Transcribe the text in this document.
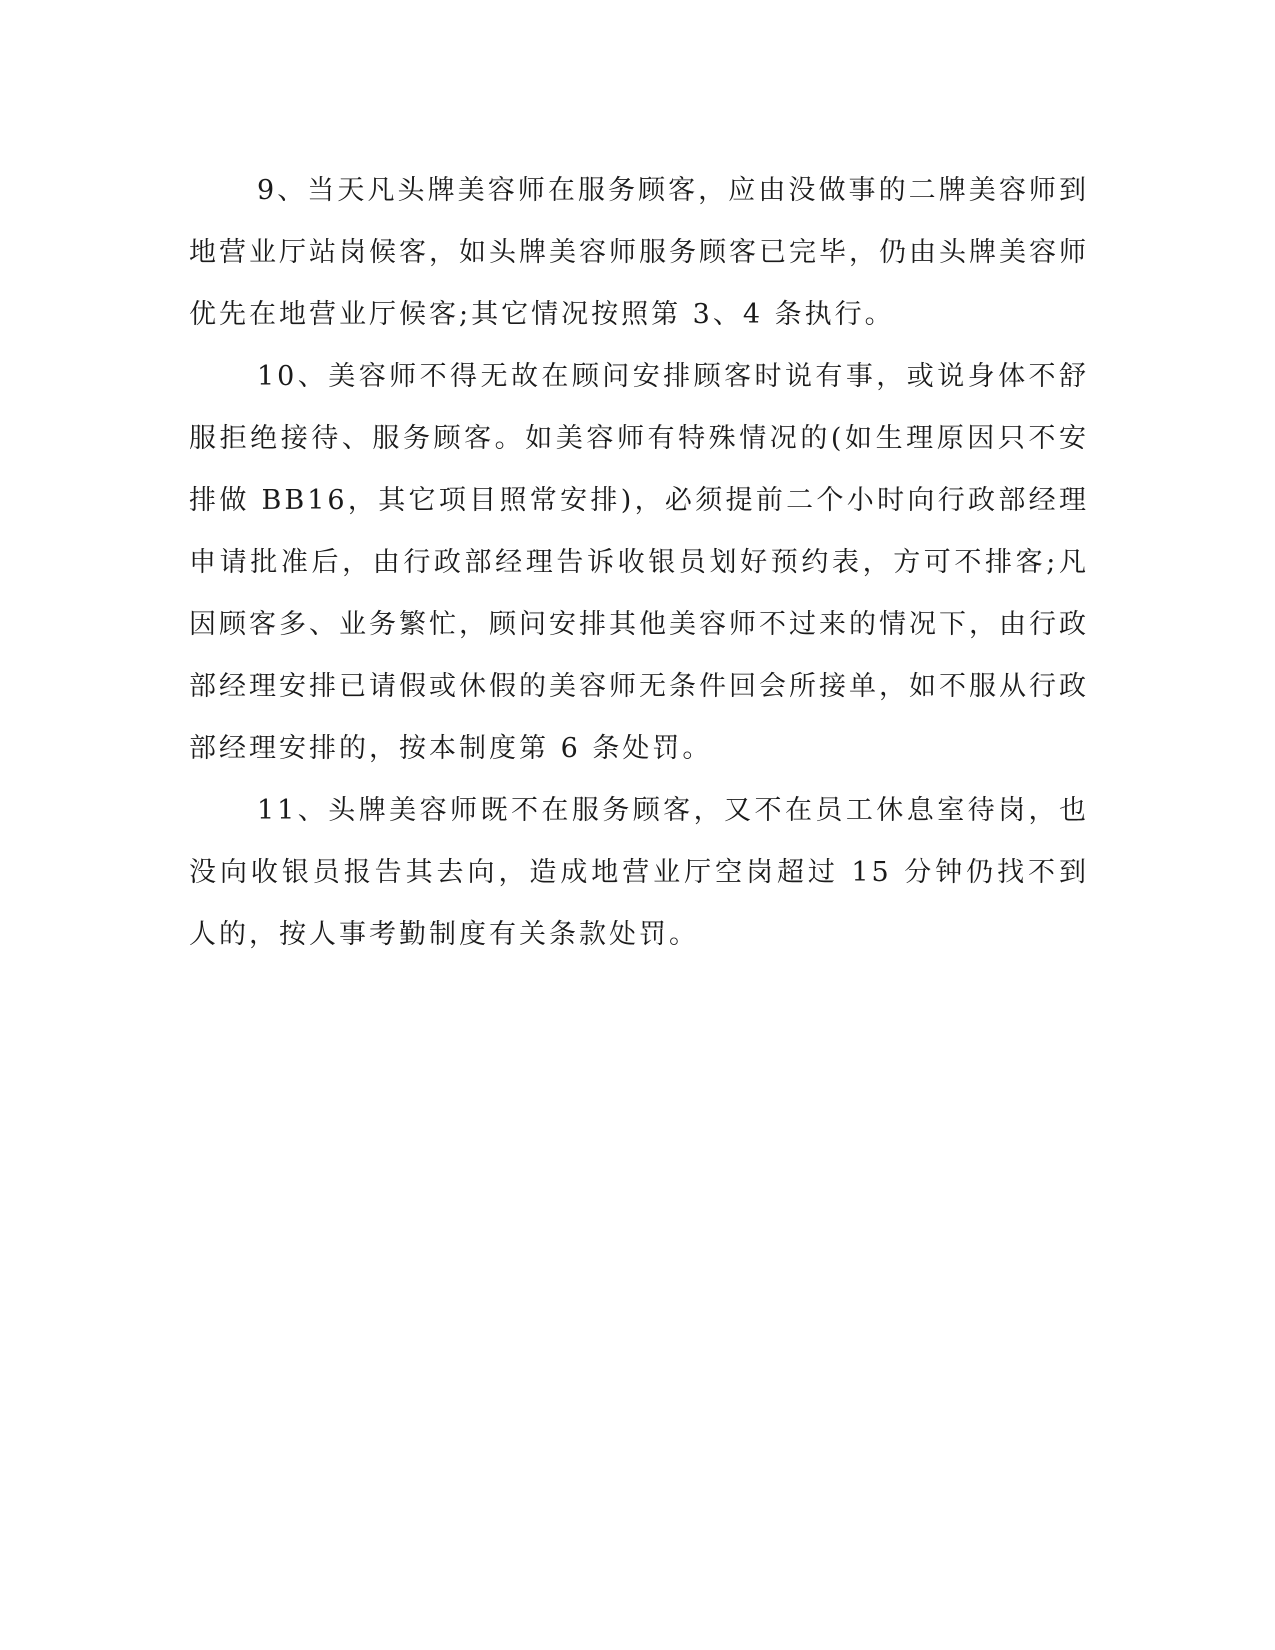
9、当天凡头牌美容师在服务顾客，应由没做事的二牌美容师到地营业厅站岗候客，如头牌美容师服务顾客已完毕，仍由头牌美容师优先在地营业厅候客;其它情况按照第 3、4 条执行。

10、美容师不得无故在顾问安排顾客时说有事，或说身体不舒服拒绝接待、服务顾客。如美容师有特殊情况的(如生理原因只不安排做 BB16，其它项目照常安排)，必须提前二个小时向行政部经理申请批准后，由行政部经理告诉收银员划好预约表，方可不排客;凡因顾客多、业务繁忙，顾问安排其他美容师不过来的情况下，由行政部经理安排已请假或休假的美容师无条件回会所接单，如不服从行政部经理安排的，按本制度第 6 条处罚。

11、头牌美容师既不在服务顾客，又不在员工休息室待岗，也没向收银员报告其去向，造成地营业厅空岗超过 15 分钟仍找不到人的，按人事考勤制度有关条款处罚。
